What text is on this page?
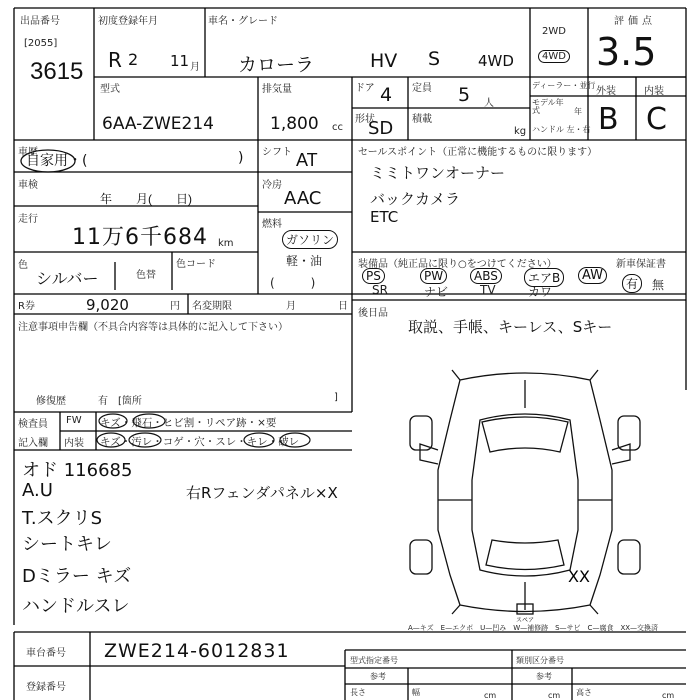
出品番号
[2055]
3615
初度登録年月
R 2 11 月
車名・グレード
カローラ	HV S	4WD
2WD
4WD
評価点
3.5
外装	内装
B C
型式
6AA-ZWE214
排気量
1,800 cc
ドア 4 定員 5 人
形状
SD 積載
kg
ディーラー・並行
モデル年式	年
ハンドル 左・右
車歴
自家用・(	)
車検
年　　月(　　日)
走行
11万6千684 km
色
シルバー	色替
色コード
シフト AT
冷房
AAC
燃料
ガソリン
軽・油
(　　　)
セールスポイント（正常に機能するものに限ります）
ミミトワンオーナー
バックカメラ
ETC
装備品（純正品に限り○をつけてください）	新車保証書
PS	PW	ABS	エアB	AW
SR	ナビ	TV	カワ
有	無
R券	9,020	円 名変期限	月	日
後日品
取説、手帳、キーレス、Sキー
注意事項申告欄（不具合内容等は具体的に記入して下さい）
修復歴	有　[箇所	]
検査員
記入欄
FW
内装
キズ・飛石・ヒビ割・リペア跡・×要
キズ・汚レ・コゲ・穴・スレ・キレ・破レ
オド 116685
A.U
T.スクリS
シートキレ
Dミラー キズ
ハンドルスレ
右Rフェンダパネル×X
XX
スペア
A—キズ　E—エクボ　U—凹み　W—補修跡　S—サビ　C—腐食　XX—交換済
車台番号 ZWE214-6012831
登録番号
型式指定番号	類別区分番号
参考	参考
長さ	cm
幅	cm 高さ	cm
